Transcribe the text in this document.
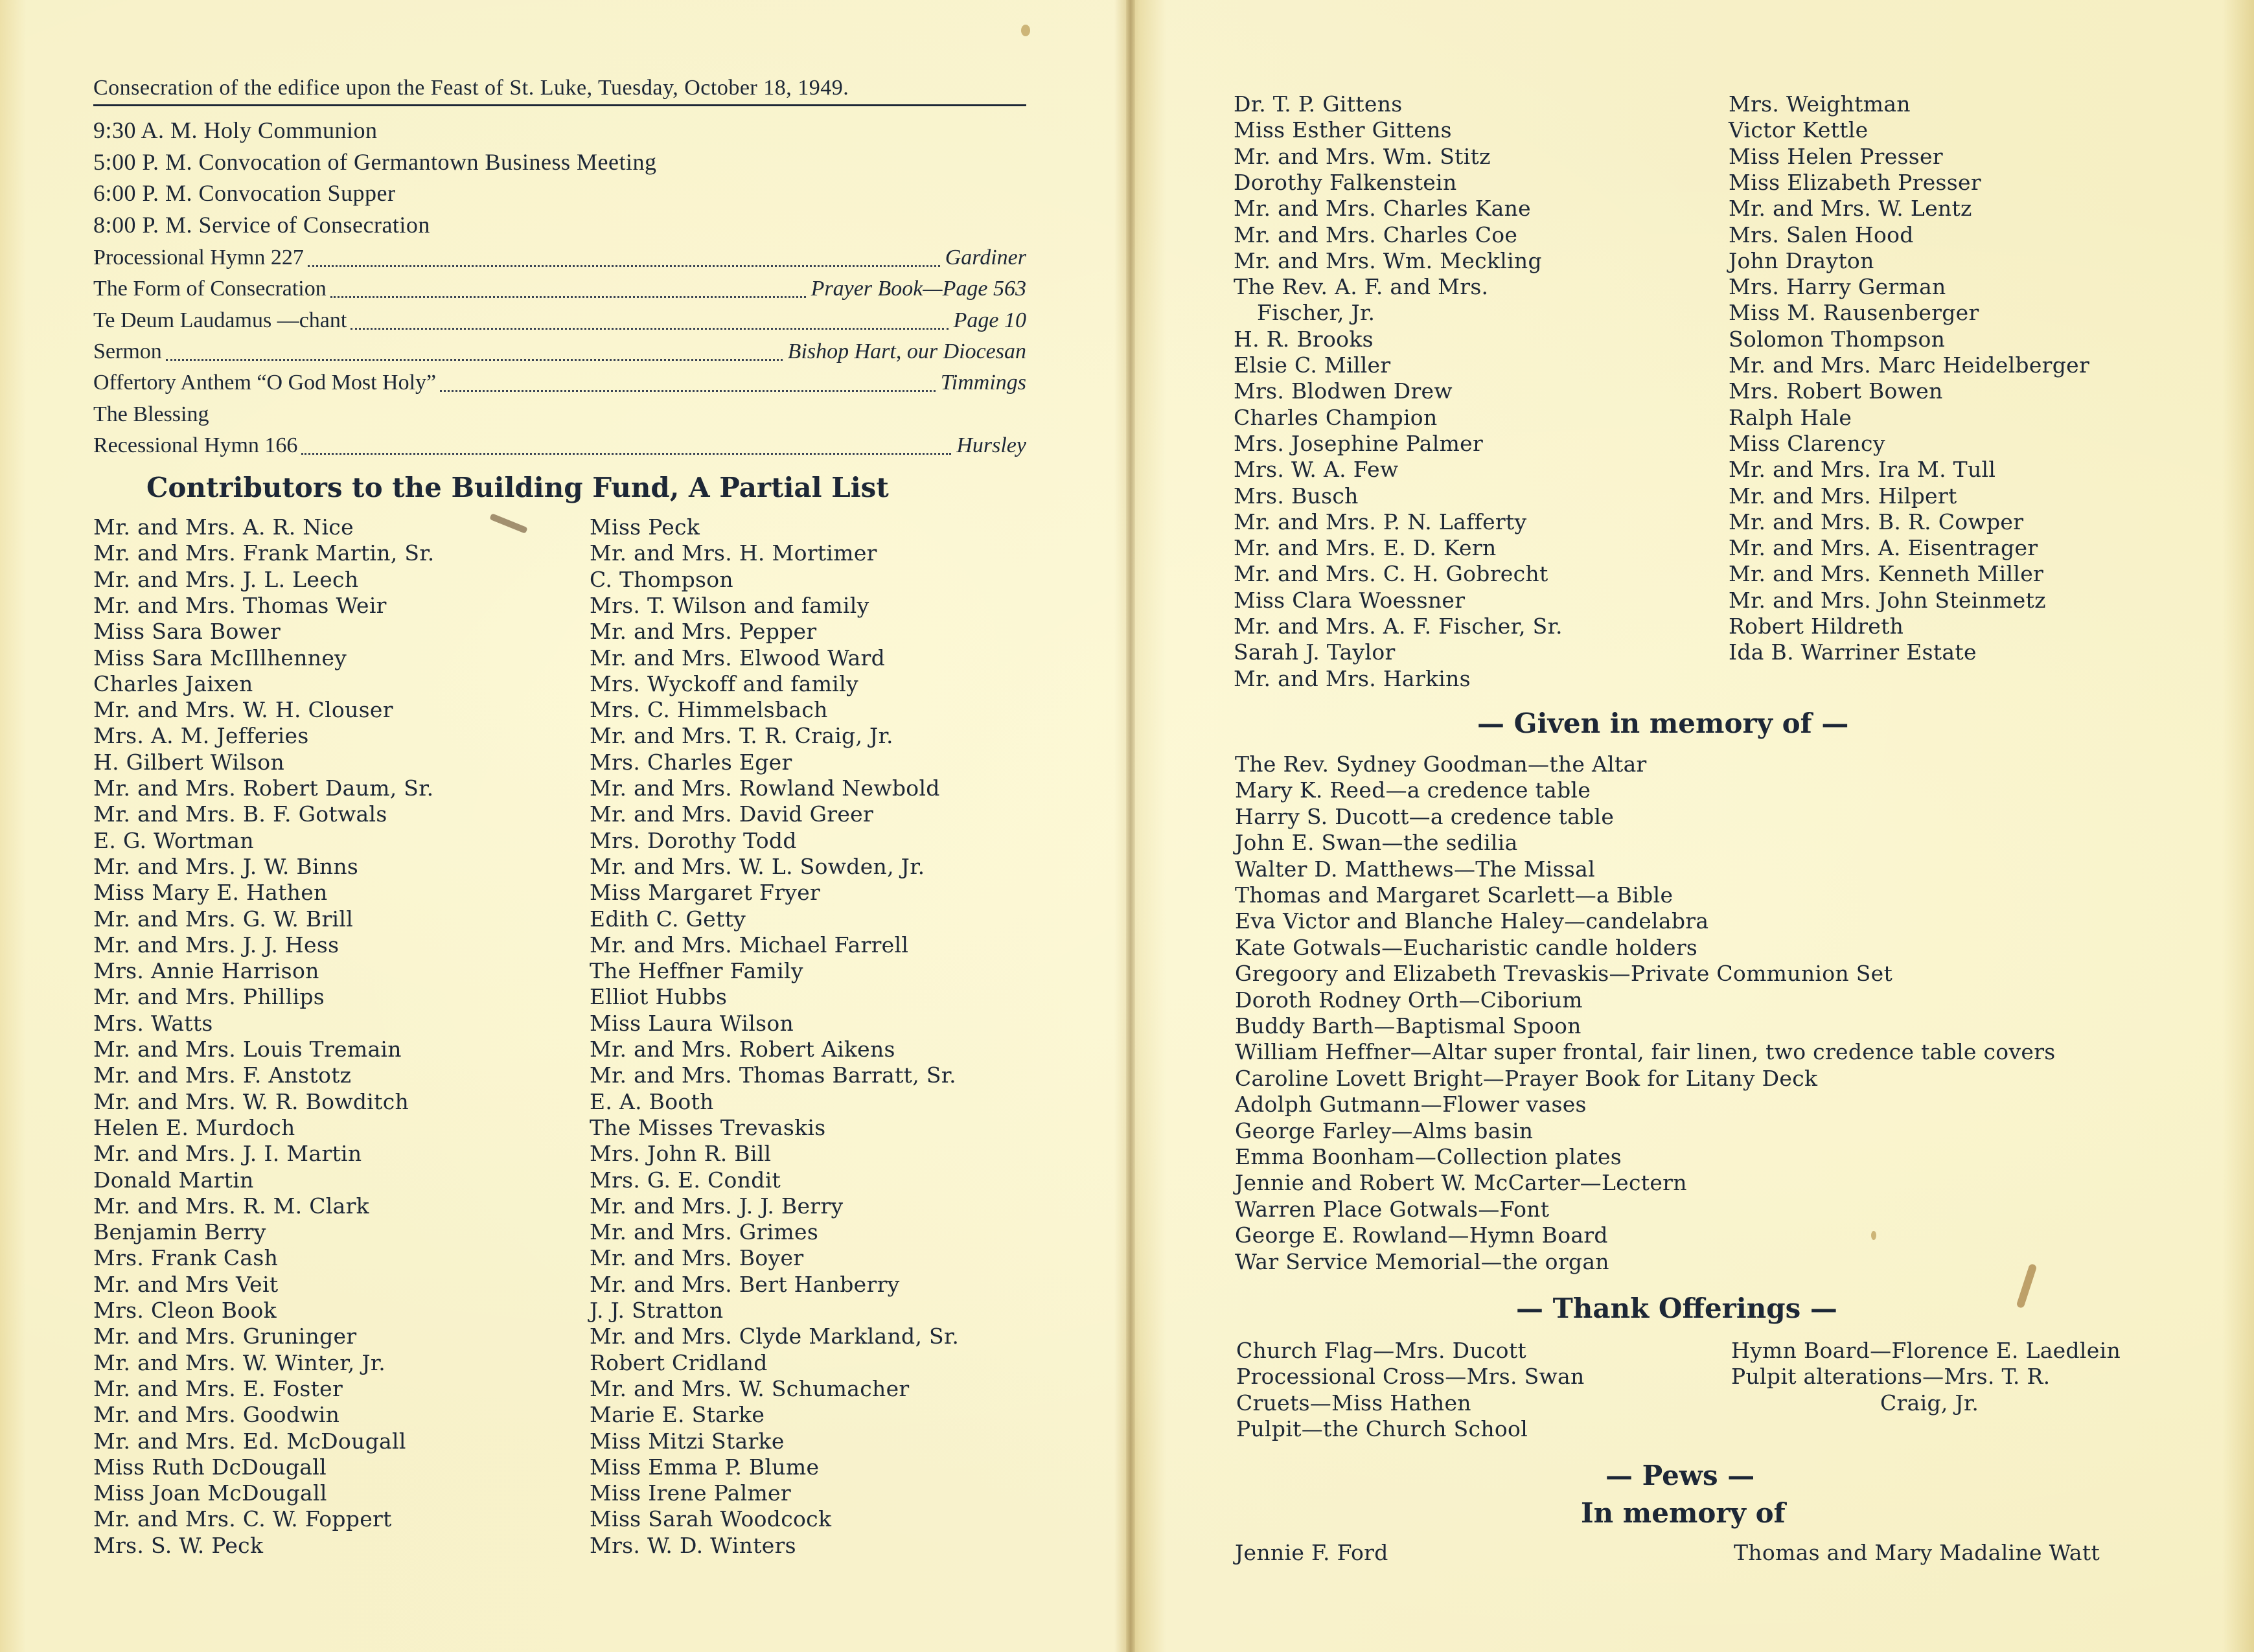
Consecration of the edifice upon the Feast of St. Luke, Tuesday, October 18, 1949.
9:30 A. M. Holy Communion
5:00 P. M. Convocation of Germantown Business Meeting
6:00 P. M. Convocation Supper
8:00 P. M. Service of Consecration
Processional Hymn 227	Gardiner
The Form of Consecration	Prayer Book—Page 563
Te Deum Laudamus —chant	Page 10
Sermon	Bishop Hart, our Diocesan
Offertory Anthem “O God Most Holy”	Timmings
The Blessing
Recessional Hymn 166	Hursley
Contributors to the Building Fund, A Partial List
Mr. and Mrs. A. R. Nice
Mr. and Mrs. Frank Martin, Sr.
Mr. and Mrs. J. L. Leech
Mr. and Mrs. Thomas Weir
Miss Sara Bower
Miss Sara McIllhenney
Charles Jaixen
Mr. and Mrs. W. H. Clouser
Mrs. A. M. Jefferies
H. Gilbert Wilson
Mr. and Mrs. Robert Daum, Sr.
Mr. and Mrs. B. F. Gotwals
E. G. Wortman
Mr. and Mrs. J. W. Binns
Miss Mary E. Hathen
Mr. and Mrs. G. W. Brill
Mr. and Mrs. J. J. Hess
Mrs. Annie Harrison
Mr. and Mrs. Phillips
Mrs. Watts
Mr. and Mrs. Louis Tremain
Mr. and Mrs. F. Anstotz
Mr. and Mrs. W. R. Bowditch
Helen E. Murdoch
Mr. and Mrs. J. I. Martin
Donald Martin
Mr. and Mrs. R. M. Clark
Benjamin Berry
Mrs. Frank Cash
Mr. and Mrs Veit
Mrs. Cleon Book
Mr. and Mrs. Gruninger
Mr. and Mrs. W. Winter, Jr.
Mr. and Mrs. E. Foster
Mr. and Mrs. Goodwin
Mr. and Mrs. Ed. McDougall
Miss Ruth DcDougall
Miss Joan McDougall
Mr. and Mrs. C. W. Foppert
Mrs. S. W. Peck
Miss Peck
Mr. and Mrs. H. Mortimer
C. Thompson
Mrs. T. Wilson and family
Mr. and Mrs. Pepper
Mr. and Mrs. Elwood Ward
Mrs. Wyckoff and family
Mrs. C. Himmelsbach
Mr. and Mrs. T. R. Craig, Jr.
Mrs. Charles Eger
Mr. and Mrs. Rowland Newbold
Mr. and Mrs. David Greer
Mrs. Dorothy Todd
Mr. and Mrs. W. L. Sowden, Jr.
Miss Margaret Fryer
Edith C. Getty
Mr. and Mrs. Michael Farrell
The Heffner Family
Elliot Hubbs
Miss Laura Wilson
Mr. and Mrs. Robert Aikens
Mr. and Mrs. Thomas Barratt, Sr.
E. A. Booth
The Misses Trevaskis
Mrs. John R. Bill
Mrs. G. E. Condit
Mr. and Mrs. J. J. Berry
Mr. and Mrs. Grimes
Mr. and Mrs. Boyer
Mr. and Mrs. Bert Hanberry
J. J. Stratton
Mr. and Mrs. Clyde Markland, Sr.
Robert Cridland
Mr. and Mrs. W. Schumacher
Marie E. Starke
Miss Mitzi Starke
Miss Emma P. Blume
Miss Irene Palmer
Miss Sarah Woodcock
Mrs. W. D. Winters
Dr. T. P. Gittens
Miss Esther Gittens
Mr. and Mrs. Wm. Stitz
Dorothy Falkenstein
Mr. and Mrs. Charles Kane
Mr. and Mrs. Charles Coe
Mr. and Mrs. Wm. Meckling
The Rev. A. F. and Mrs.
Fischer, Jr.
H. R. Brooks
Elsie C. Miller
Mrs. Blodwen Drew
Charles Champion
Mrs. Josephine Palmer
Mrs. W. A. Few
Mrs. Busch
Mr. and Mrs. P. N. Lafferty
Mr. and Mrs. E. D. Kern
Mr. and Mrs. C. H. Gobrecht
Miss Clara Woessner
Mr. and Mrs. A. F. Fischer, Sr.
Sarah J. Taylor
Mr. and Mrs. Harkins
Mrs. Weightman
Victor Kettle
Miss Helen Presser
Miss Elizabeth Presser
Mr. and Mrs. W. Lentz
Mrs. Salen Hood
John Drayton
Mrs. Harry German
Miss M. Rausenberger
Solomon Thompson
Mr. and Mrs. Marc Heidelberger
Mrs. Robert Bowen
Ralph Hale
Miss Clarency
Mr. and Mrs. Ira M. Tull
Mr. and Mrs. Hilpert
Mr. and Mrs. B. R. Cowper
Mr. and Mrs. A. Eisentrager
Mr. and Mrs. Kenneth Miller
Mr. and Mrs. John Steinmetz
Robert Hildreth
Ida B. Warriner Estate
— Given in memory of —
The Rev. Sydney Goodman—the Altar
Mary K. Reed—a credence table
Harry S. Ducott—a credence table
John E. Swan—the sedilia
Walter D. Matthews—The Missal
Thomas and Margaret Scarlett—a Bible
Eva Victor and Blanche Haley—candelabra
Kate Gotwals—Eucharistic candle holders
Gregoory and Elizabeth Trevaskis—Private Communion Set
Doroth Rodney Orth—Ciborium
Buddy Barth—Baptismal Spoon
William Heffner—Altar super frontal, fair linen, two credence table covers
Caroline Lovett Bright—Prayer Book for Litany Deck
Adolph Gutmann—Flower vases
George Farley—Alms basin
Emma Boonham—Collection plates
Jennie and Robert W. McCarter—Lectern
Warren Place Gotwals—Font
George E. Rowland—Hymn Board
War Service Memorial—the organ
— Thank Offerings —
Church Flag—Mrs. Ducott
Processional Cross—Mrs. Swan
Cruets—Miss Hathen
Pulpit—the Church School
Hymn Board—Florence E. Laedlein
Pulpit alterations—Mrs. T. R.
Craig, Jr.
— Pews —
In memory of
Jennie F. Ford	Thomas and Mary Madaline Watt
